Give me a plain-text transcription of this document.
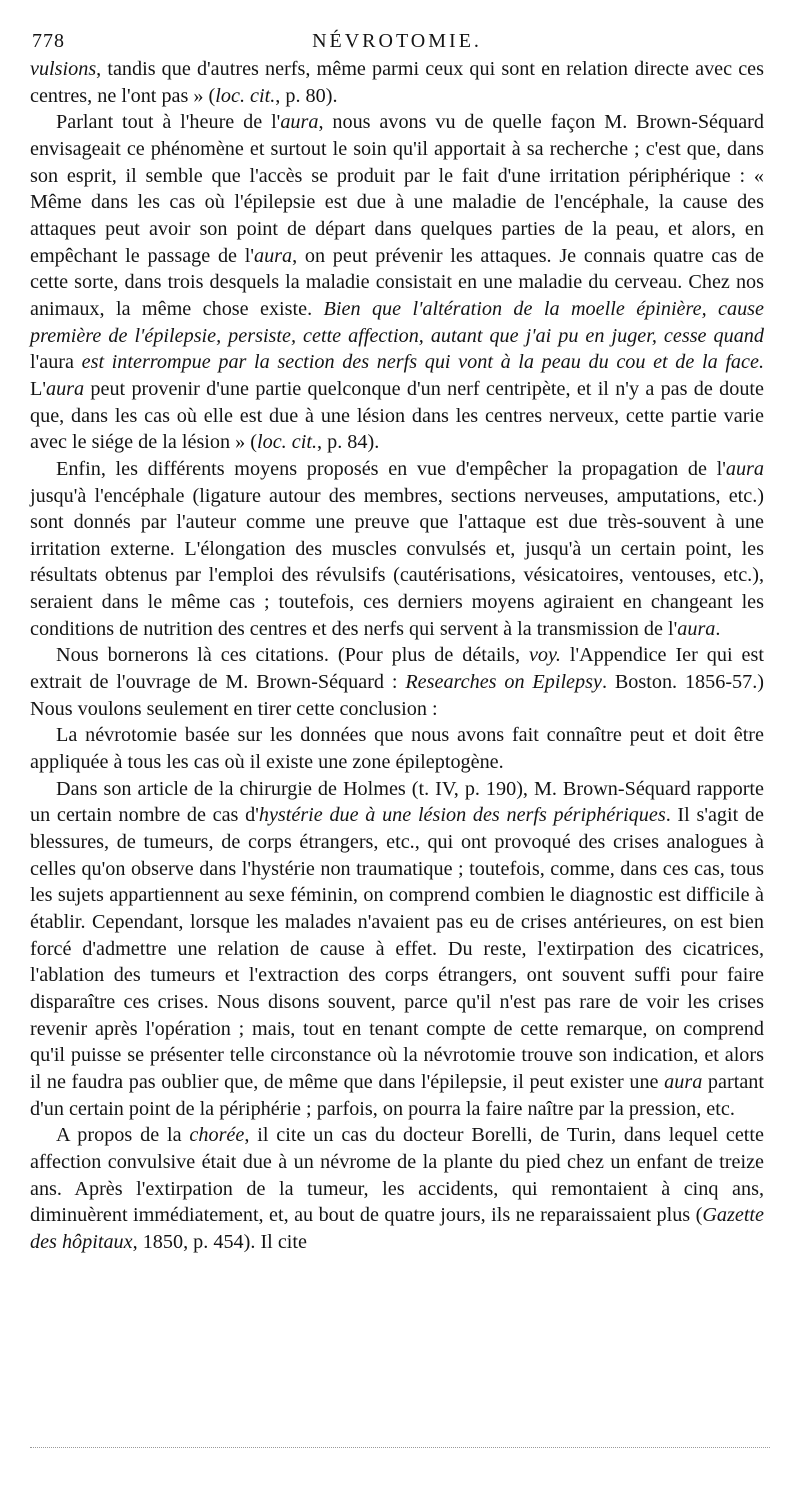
778	NÉVROTOMIE.

vulsions, tandis que d'autres nerfs, même parmi ceux qui sont en relation directe avec ces centres, ne l'ont pas » (loc. cit., p. 80).

Parlant tout à l'heure de l'aura, nous avons vu de quelle façon M. Brown-Séquard envisageait ce phénomène et surtout le soin qu'il apportait à sa recherche ; c'est que, dans son esprit, il semble que l'accès se produit par le fait d'une irritation périphérique : « Même dans les cas où l'épilepsie est due à une maladie de l'encéphale, la cause des attaques peut avoir son point de départ dans quelques parties de la peau, et alors, en empêchant le passage de l'aura, on peut prévenir les attaques. Je connais quatre cas de cette sorte, dans trois desquels la maladie consistait en une maladie du cerveau. Chez nos animaux, la même chose existe. Bien que l'altération de la moelle épinière, cause première de l'épilepsie, persiste, cette affection, autant que j'ai pu en juger, cesse quand l'aura est interrompue par la section des nerfs qui vont à la peau du cou et de la face. L'aura peut provenir d'une partie quelconque d'un nerf centripète, et il n'y a pas de doute que, dans les cas où elle est due à une lésion dans les centres nerveux, cette partie varie avec le siége de la lésion » (loc. cit., p. 84).

Enfin, les différents moyens proposés en vue d'empêcher la propagation de l'aura jusqu'à l'encéphale (ligature autour des membres, sections nerveuses, amputations, etc.) sont donnés par l'auteur comme une preuve que l'attaque est due très-souvent à une irritation externe. L'élongation des muscles convulsés et, jusqu'à un certain point, les résultats obtenus par l'emploi des révulsifs (cautérisations, vésicatoires, ventouses, etc.), seraient dans le même cas ; toutefois, ces derniers moyens agiraient en changeant les conditions de nutrition des centres et des nerfs qui servent à la transmission de l'aura.

Nous bornerons là ces citations. (Pour plus de détails, voy. l'Appendice Ier qui est extrait de l'ouvrage de M. Brown-Séquard : Researches on Epilepsy. Boston. 1856-57.) Nous voulons seulement en tirer cette conclusion :

La névrotomie basée sur les données que nous avons fait connaître peut et doit être appliquée à tous les cas où il existe une zone épileptogène.

Dans son article de la chirurgie de Holmes (t. IV, p. 190), M. Brown-Séquard rapporte un certain nombre de cas d'hystérie due à une lésion des nerfs périphériques. Il s'agit de blessures, de tumeurs, de corps étrangers, etc., qui ont provoqué des crises analogues à celles qu'on observe dans l'hystérie non traumatique ; toutefois, comme, dans ces cas, tous les sujets appartiennent au sexe féminin, on comprend combien le diagnostic est difficile à établir. Cependant, lorsque les malades n'avaient pas eu de crises antérieures, on est bien forcé d'admettre une relation de cause à effet. Du reste, l'extirpation des cicatrices, l'ablation des tumeurs et l'extraction des corps étrangers, ont souvent suffi pour faire disparaître ces crises. Nous disons souvent, parce qu'il n'est pas rare de voir les crises revenir après l'opération ; mais, tout en tenant compte de cette remarque, on comprend qu'il puisse se présenter telle circonstance où la névrotomie trouve son indication, et alors il ne faudra pas oublier que, de même que dans l'épilepsie, il peut exister une aura partant d'un certain point de la périphérie ; parfois, on pourra la faire naître par la pression, etc.

A propos de la chorée, il cite un cas du docteur Borelli, de Turin, dans lequel cette affection convulsive était due à un névrome de la plante du pied chez un enfant de treize ans. Après l'extirpation de la tumeur, les accidents, qui remontaient à cinq ans, diminuèrent immédiatement, et, au bout de quatre jours, ils ne reparaissaient plus (Gazette des hôpitaux, 1850, p. 454). Il cite
